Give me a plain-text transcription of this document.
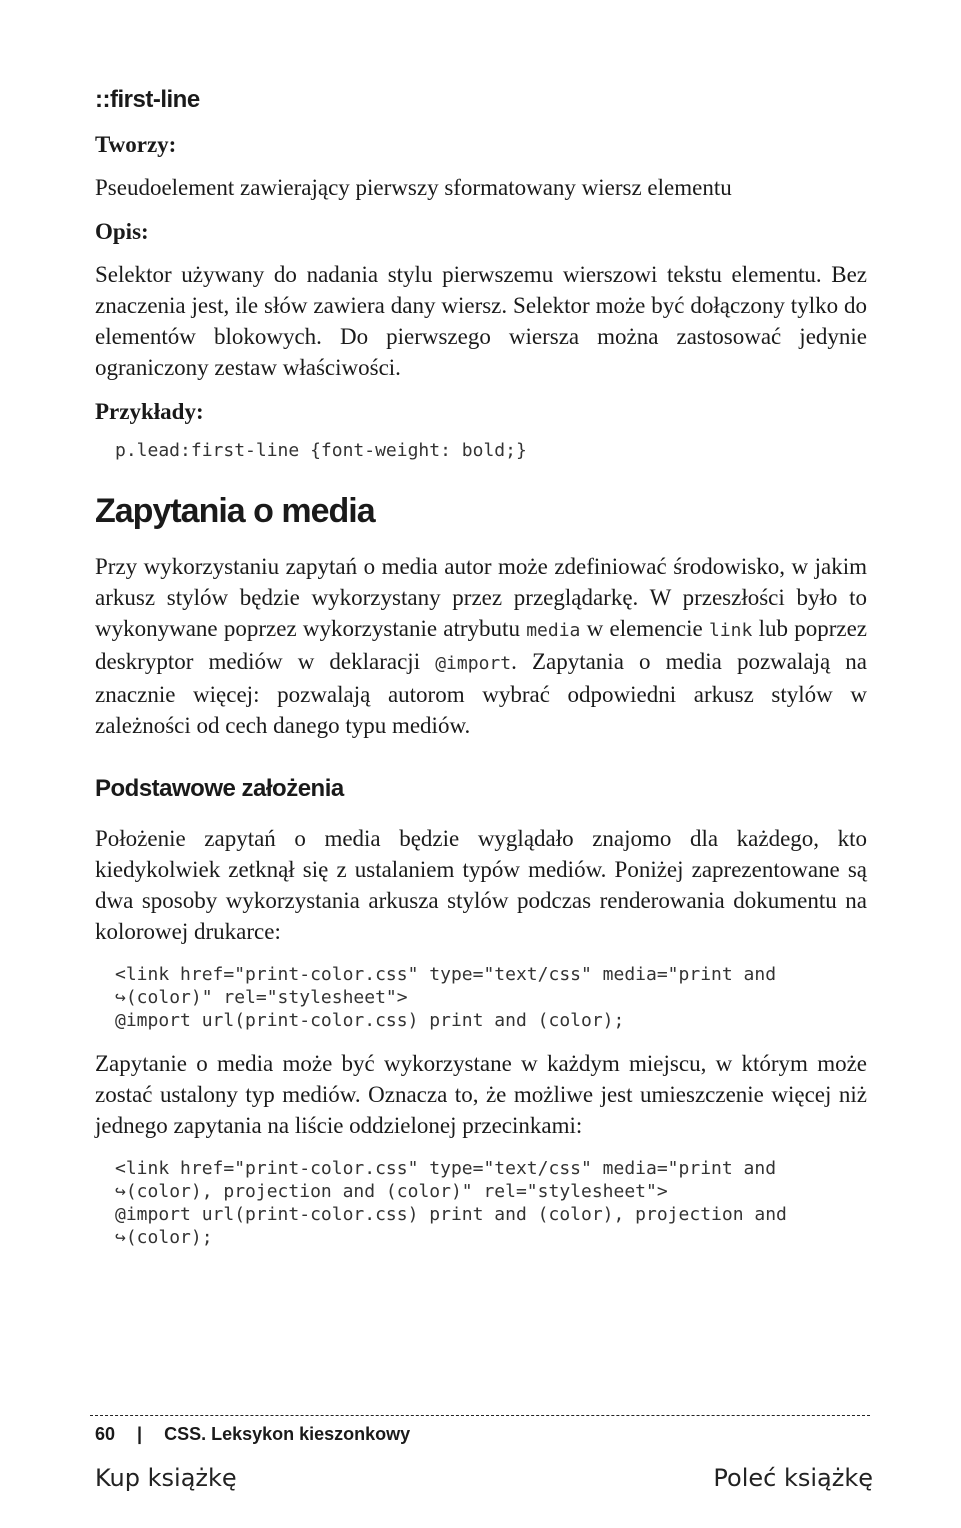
::first-line
Tworzy:

Pseudoelement zawierający pierwszy sformatowany wiersz elementu

Opis:

Selektor używany do nadania stylu pierwszemu wierszowi tekstu elementu. Bez znaczenia jest, ile słów zawiera dany wiersz. Selektor może być dołączony tylko do elementów blokowych. Do pierwszego wiersza można zastosować jedynie ograniczony zestaw właściwości.

Przykłady:
p.lead:first-line {font-weight: bold;}
Zapytania o media

Przy wykorzystaniu zapytań o media autor może zdefiniować środowisko, w jakim arkusz stylów będzie wykorzystany przez przeglądarkę. W przeszłości było to wykonywane poprzez wykorzystanie atrybutu media w elemencie link lub poprzez deskryptor mediów w deklaracji @import. Zapytania o media pozwalają na znacznie więcej: pozwalają autorom wybrać odpowiedni arkusz stylów w zależności od cech danego typu mediów.

Podstawowe założenia

Położenie zapytań o media będzie wyglądało znajomo dla każdego, kto kiedykolwiek zetknął się z ustalaniem typów mediów. Poniżej zaprezentowane są dwa sposoby wykorzystania arkusza stylów podczas renderowania dokumentu na kolorowej drukarce:

<link href="print-color.css" type="text/css" media="print and
↪(color)" rel="stylesheet">
@import url(print-color.css) print and (color);

Zapytanie o media może być wykorzystane w każdym miejscu, w którym może zostać ustalony typ mediów. Oznacza to, że możliwe jest umieszczenie więcej niż jednego zapytania na liście oddzielonej przecinkami:

<link href="print-color.css" type="text/css" media="print and
↪(color), projection and (color)" rel="stylesheet">
@import url(print-color.css) print and (color), projection and
↪(color);
60 | CSS. Leksykon kieszonkowy
Kup książkę	Poleć książkę
